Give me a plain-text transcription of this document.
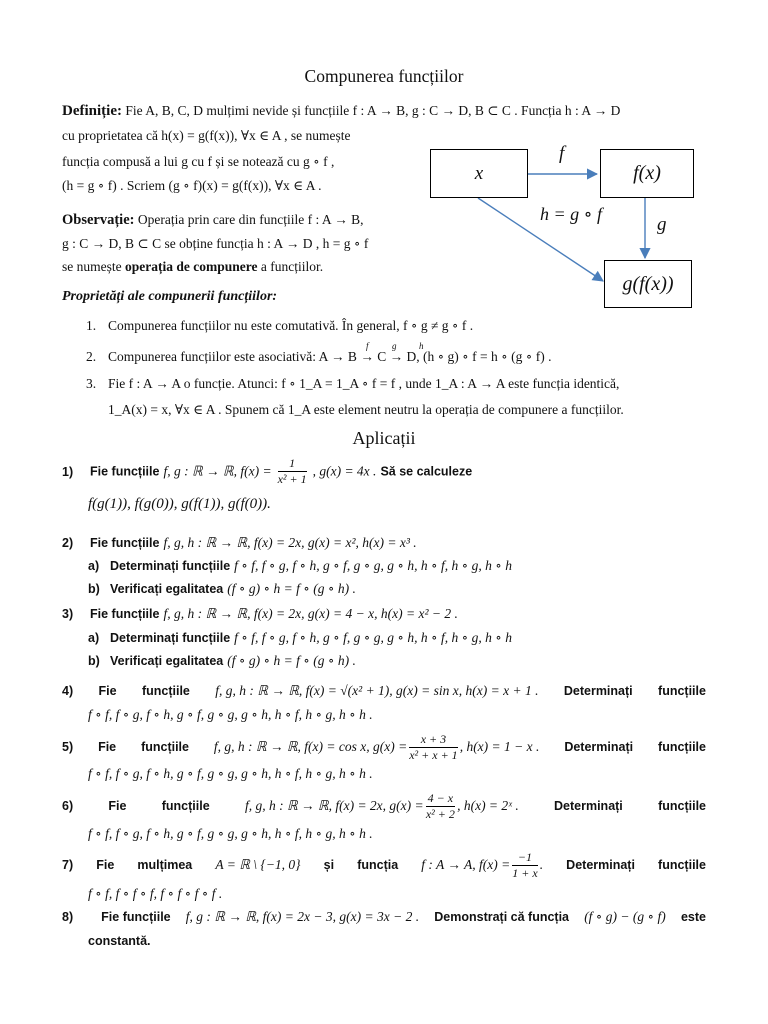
Compunerea funcțiilor
Definiție: Fie A, B, C, D mulțimi nevide și funcțiile f : A → B, g : C → D, B ⊂ C . Funcția h : A → D
cu proprietatea că h(x) = g(f(x)), ∀x ∈ A , se numește
funcția compusă a lui g cu f și se notează cu g ∘ f ,
(h = g ∘ f) . Scriem (g ∘ f)(x) = g(f(x)), ∀x ∈ A .
x	f(x)
g(f(x))
f
g
h = g ∘ f
Observație: Operația prin care din funcțiile f : A → B,
g : C → D, B ⊂ C se obține funcția h : A → D , h = g ∘ f
se numește operația de compunere a funcțiilor.
Proprietăți ale compunerii funcțiilor:
1. Compunerea funcțiilor nu este comutativă. În general, f ∘ g ≠ g ∘ f .
f	g	h
2. Compunerea funcțiilor este asociativă: A → B → C → D, (h ∘ g) ∘ f = h ∘ (g ∘ f) .
3. Fie f : A → A o funcție. Atunci: f ∘ 1_A = 1_A ∘ f = f , unde 1_A : A → A este funcția identică,
1_A(x) = x, ∀x ∈ A . Spunem că 1_A este element neutru la operația de compunere a funcțiilor.
Aplicații
1) Fie funcțiile f, g : ℝ → ℝ, $f(x) = \frac{1}{\text{x² + 1}}$ , g(x) = 4x . Să se calculeze
f(g(1)), f(g(0)), g(f(1)), g(f(0)).
2) Fie funcțiile f, g, h : ℝ → ℝ, f(x) = 2x, g(x) = x², h(x) = x³ .
a) Determinați funcțiile f ∘ f, f ∘ g, f ∘ h, g ∘ f, g ∘ g, g ∘ h, h ∘ f, h ∘ g, h ∘ h
b) Verificați egalitatea (f ∘ g) ∘ h = f ∘ (g ∘ h) .
3) Fie funcțiile f, g, h : ℝ → ℝ, f(x) = 2x, g(x) = 4 − x, h(x) = x² − 2 .
a) Determinați funcțiile f ∘ f, f ∘ g, f ∘ h, g ∘ f, g ∘ g, g ∘ h, h ∘ f, h ∘ g, h ∘ h
b) Verificați egalitatea (f ∘ g) ∘ h = f ∘ (g ∘ h) .
4) Fie funcțiile f, g, h : ℝ → ℝ, f(x) = √(x² + 1), g(x) = sin x, h(x) = x + 1 . Determinați funcțiile
f ∘ f, f ∘ g, f ∘ h, g ∘ f, g ∘ g, g ∘ h, h ∘ f, h ∘ g, h ∘ h .
5) Fie funcțiile f, g, h : ℝ → ℝ, f(x) = cos x, $g(x) = \frac{x + 3}{\text{x² + x + 1}}$ , h(x) = 1 − x . Determinați funcțiile
f ∘ f, f ∘ g, f ∘ h, g ∘ f, g ∘ g, g ∘ h, h ∘ f, h ∘ g, h ∘ h .
6)	Fie	funcțiile	f, g, h : ℝ → ℝ, f(x) = 2x, $g(x) = \frac{4 - x}{\text{x² + 2}}$ , h(x) = 2ˣ .	Determinați	funcțiile
f ∘ f, f ∘ g, f ∘ h, g ∘ f, g ∘ g, g ∘ h, h ∘ f, h ∘ g, h ∘ h .
7) Fie mulțimea A = ℝ \ {−1, 0} și funcția f : A → A, $f(x) = \frac{-1}{1 + x}$ . Determinați funcțiile
f ∘ f, f ∘ f ∘ f, f ∘ f ∘ f ∘ f .
8)	Fie funcțiile f, g : ℝ → ℝ, f(x) = 2x − 3, g(x) = 3x − 2 . Demonstrați că funcția (f ∘ g) − (g ∘ f) este
constantă.
